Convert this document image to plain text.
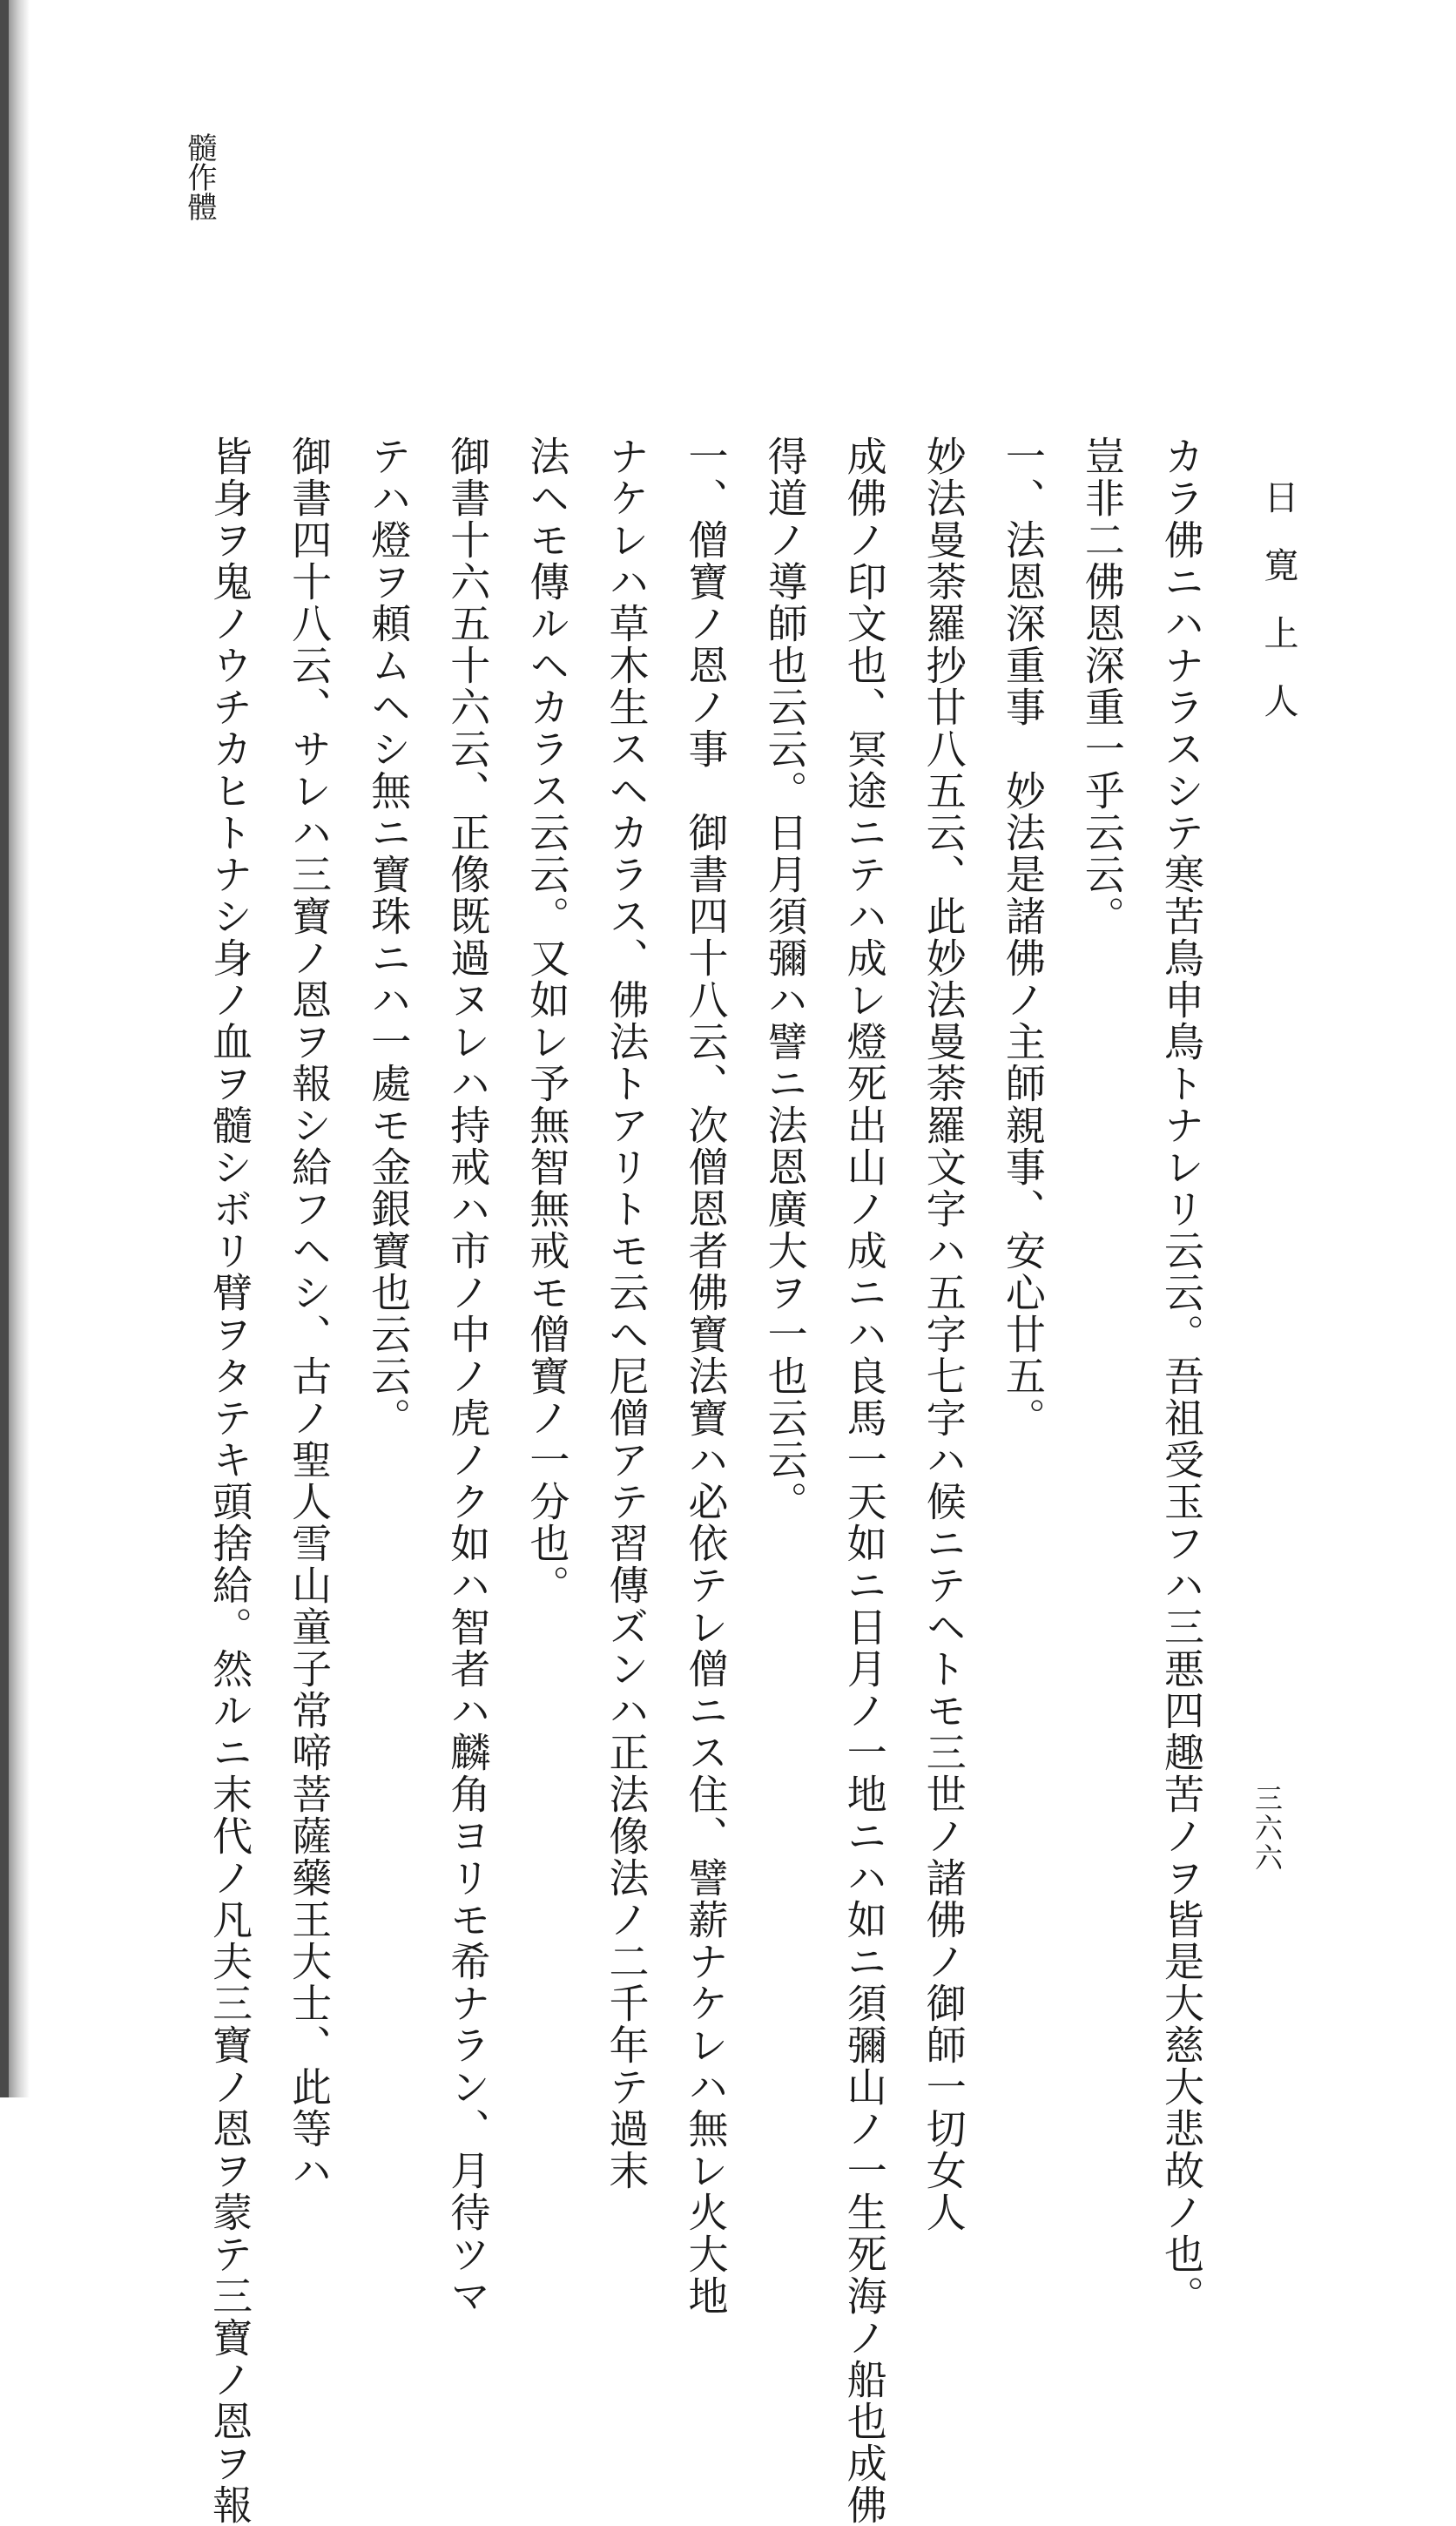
日寛上人
三六六
髓作體
カラ佛ニハナラスシテ寒苦鳥申鳥トナレリ云云。吾祖受玉フハ三悪四趣苦ノヲ皆是大慈大悲故ノ也。
豈非二佛恩深重一乎云云。
一、法恩深重事　妙法是諸佛ノ主師親事、安心廿五。
妙法曼荼羅抄廿八五云、此妙法曼荼羅文字ハ五字七字ハ候ニテヘトモ三世ノ諸佛ノ御師一切女人
成佛ノ印文也、冥途ニテハ成レ燈死出山ノ成ニハ良馬一天如ニ日月ノ一地ニハ如ニ須彌山ノ一生死海ノ船也成佛
得道ノ導師也云云。日月須彌ハ譬ニ法恩廣大ヲ一也云云。
一、僧寶ノ恩ノ事　御書四十八云、次僧恩者佛寶法寶ハ必依テレ僧ニス住、譬薪ナケレハ無レ火大地
ナケレハ草木生スヘカラス、佛法トアリトモ云へ尼僧アテ習傳ズンハ正法像法ノ二千年テ過末
法ヘモ傳ルヘカラス云云。又如レ予無智無戒モ僧寶ノ一分也。
御書十六五十六云、正像既過ヌレハ持戒ハ市ノ中ノ虎ノク如ハ智者ハ麟角ヨリモ希ナラン、月待ツマ
テハ燈ヲ頼ムヘシ無ニ寶珠ニハ一處モ金銀寶也云云。
御書四十八云、サレハ三寶ノ恩ヲ報シ給フヘシ、古ノ聖人雪山童子常啼菩薩藥王大士、此等ハ
皆身ヲ鬼ノウチカヒトナシ身ノ血ヲ髓シボリ臂ヲタテキ頭捨給。然ルニ末代ノ凡夫三寶ノ恩ヲ蒙テ三寶ノ恩ヲ報
